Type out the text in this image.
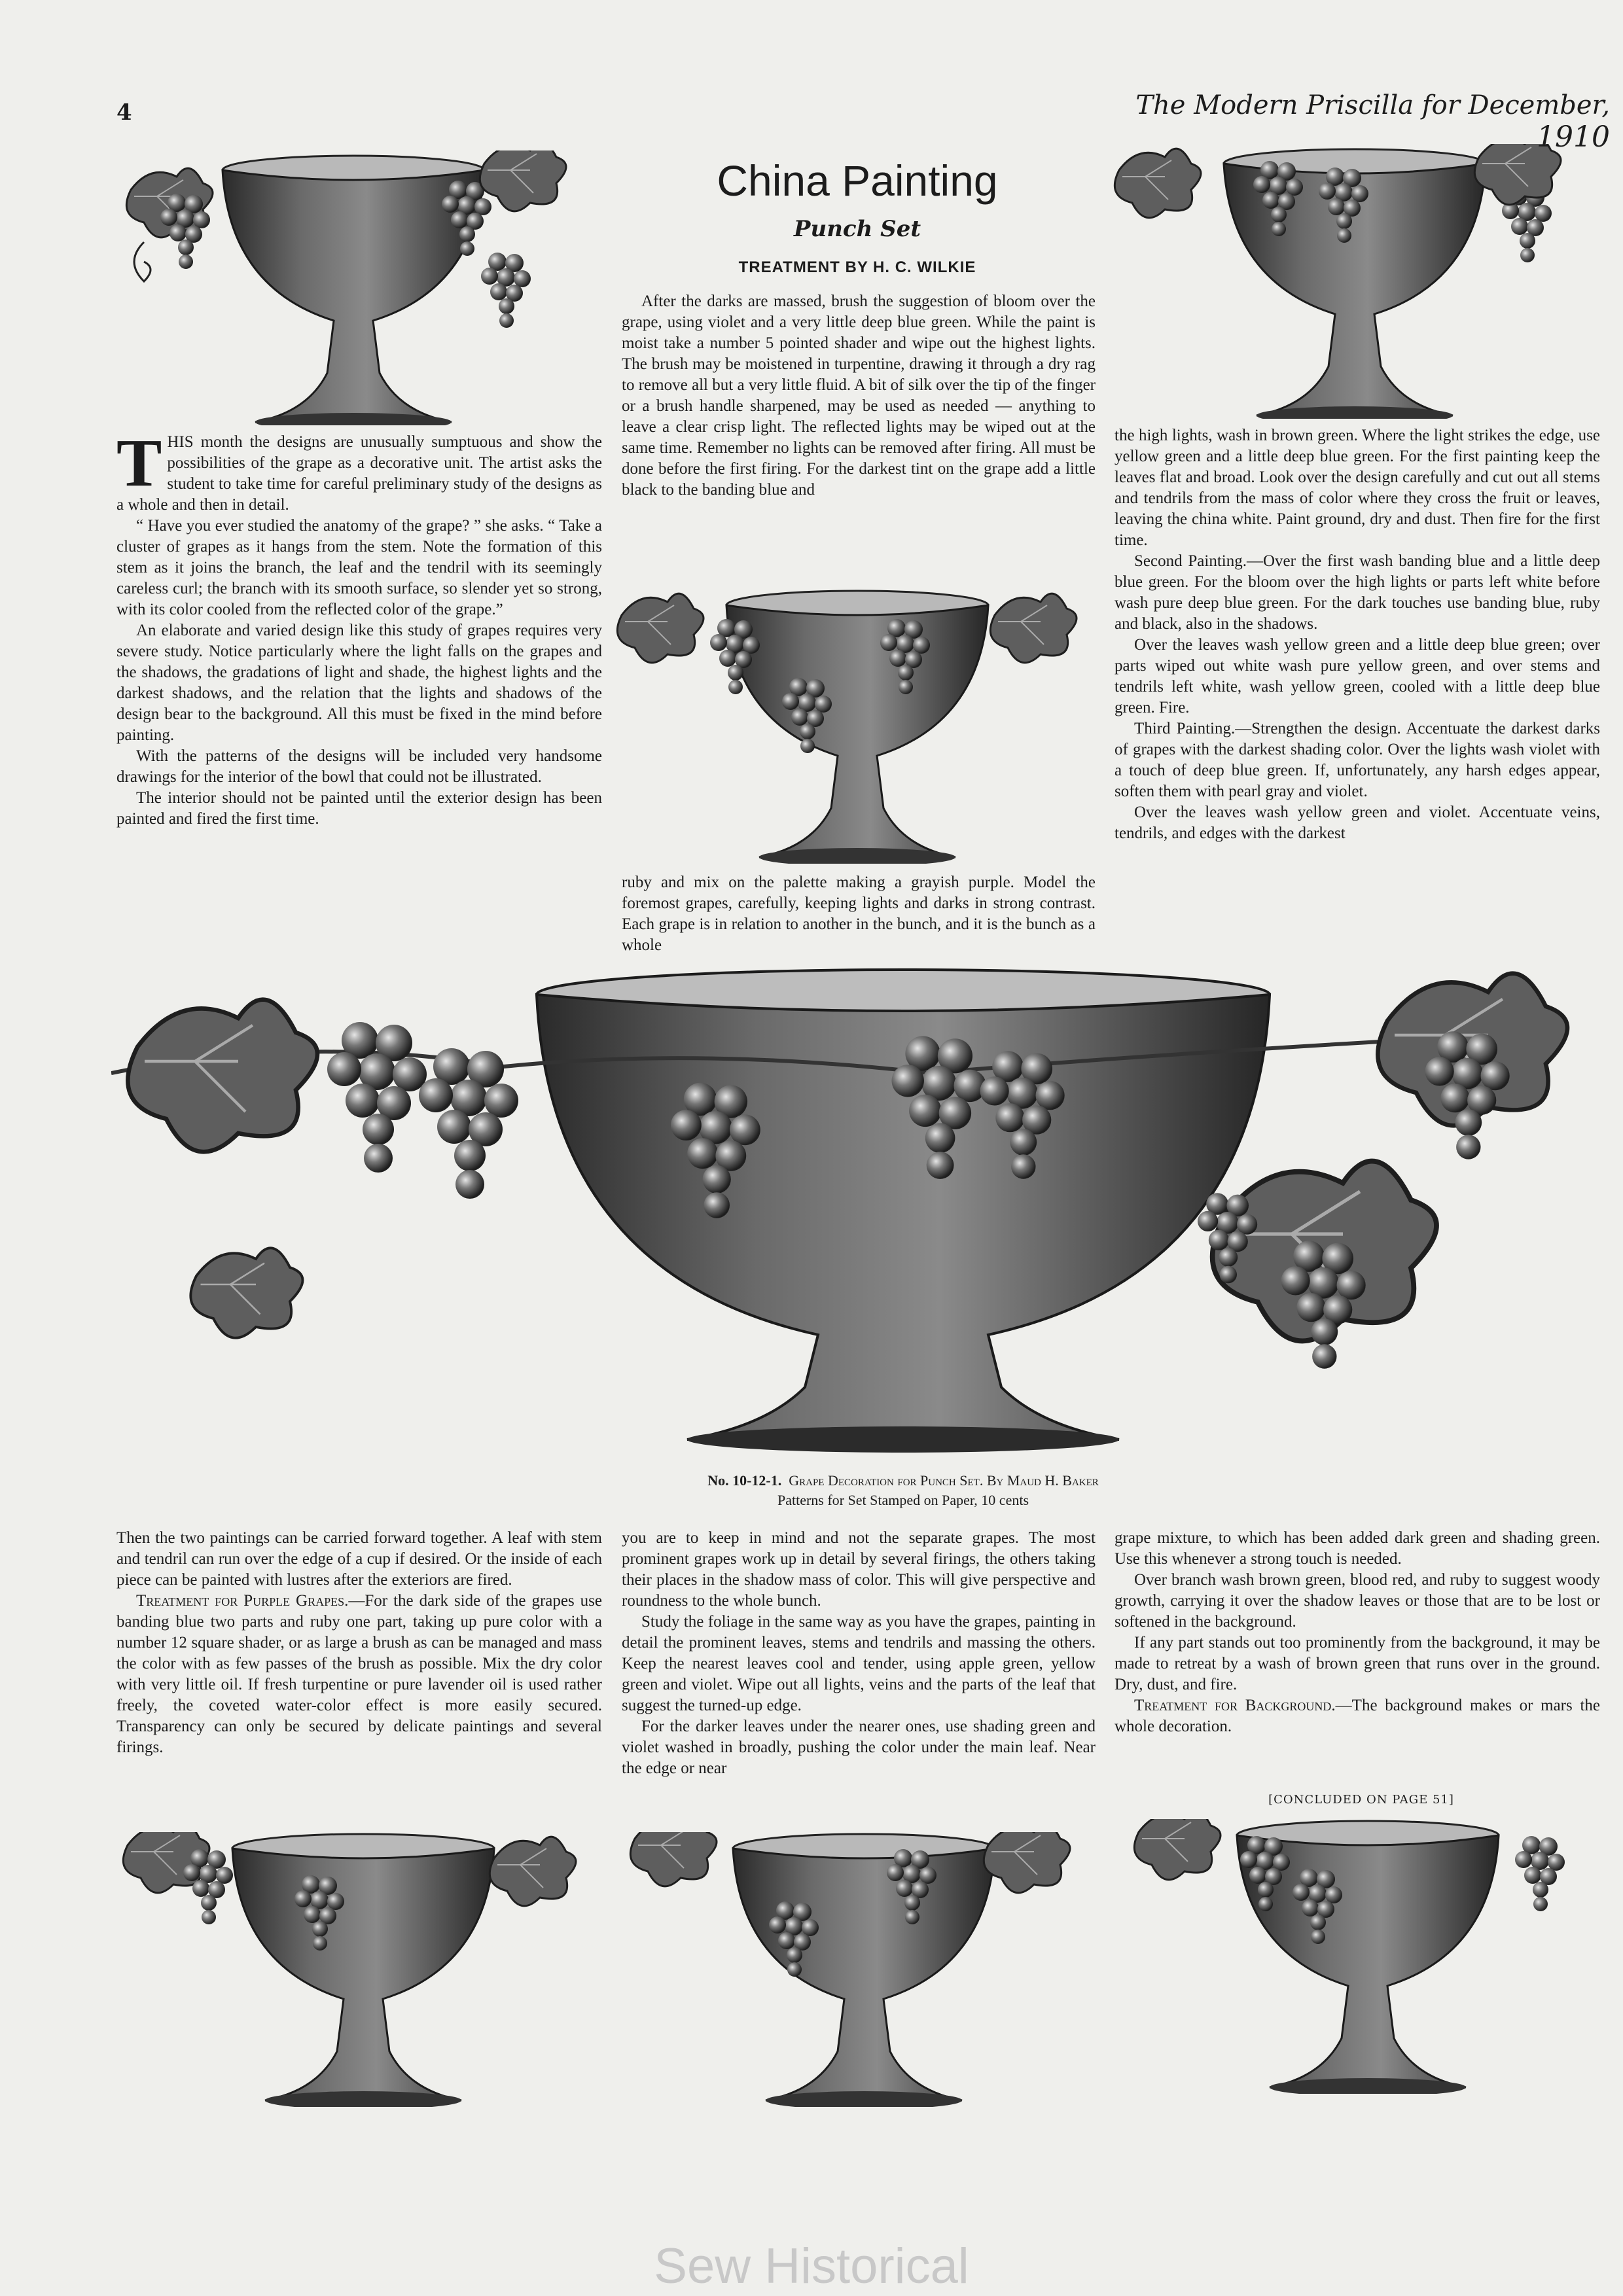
4	The Modern Priscilla for December, 1910
China Painting
Punch Set
TREATMENT BY H. C. WILKIE

THIS month the designs are unusually sumptuous and show the possibilities of the grape as a decorative unit. The artist asks the student to take time for careful preliminary study of the designs as a whole and then in detail.

“ Have you ever studied the anatomy of the grape? ” she asks. “ Take a cluster of grapes as it hangs from the stem. Note the formation of this stem as it joins the branch, the leaf and the tendril with its seemingly careless curl; the branch with its smooth surface, so slender yet so strong, with its color cooled from the reflected color of the grape.”

An elaborate and varied design like this study of grapes requires very severe study. Notice particularly where the light falls on the grapes and the shadows, the gradations of light and shade, the highest lights and the darkest shadows, and the relation that the lights and shadows of the design bear to the background. All this must be fixed in the mind before painting.

With the patterns of the designs will be included very handsome drawings for the interior of the bowl that could not be illustrated.

The interior should not be painted until the exterior design has been painted and fired the first time.

After the darks are massed, brush the suggestion of bloom over the grape, using violet and a very little deep blue green. While the paint is moist take a number 5 pointed shader and wipe out the highest lights. The brush may be moistened in turpentine, drawing it through a dry rag to remove all but a very little fluid. A bit of silk over the tip of the finger or a brush handle sharpened, may be used as needed — anything to leave a clear crisp light. The reflected lights may be wiped out at the same time. Remember no lights can be removed after firing. All must be done before the first firing. For the darkest tint on the grape add a little black to the banding blue and

ruby and mix on the palette making a grayish purple. Model the foremost grapes, carefully, keeping lights and darks in strong contrast. Each grape is in relation to another in the bunch, and it is the bunch as a whole

the high lights, wash in brown green. Where the light strikes the edge, use yellow green and a little deep blue green. For the first painting keep the leaves flat and broad. Look over the design carefully and cut out all stems and tendrils from the mass of color where they cross the fruit or leaves, leaving the china white. Paint ground, dry and dust. Then fire for the first time.

Second Painting.—Over the first wash banding blue and a little deep blue green. For the bloom over the high lights or parts left white before wash pure deep blue green. For the dark touches use banding blue, ruby and black, also in the shadows.

Over the leaves wash yellow green and a little deep blue green; over parts wiped out white wash pure yellow green, and over stems and tendrils left white, wash yellow green, cooled with a little deep blue green. Fire.

Third Painting.—Strengthen the design. Accentuate the darkest darks of grapes with the darkest shading color. Over the lights wash violet with a touch of deep blue green. If, unfortunately, any harsh edges appear, soften them with pearl gray and violet.

Over the leaves wash yellow green and violet. Accentuate veins, tendrils, and edges with the darkest

No. 10-12-1. Grape Decoration for Punch Set. By Maud H. Baker
Patterns for Set Stamped on Paper, 10 cents

Then the two paintings can be carried forward together. A leaf with stem and tendril can run over the edge of a cup if desired. Or the inside of each piece can be painted with lustres after the exteriors are fired.

Treatment for Purple Grapes.—For the dark side of the grapes use banding blue two parts and ruby one part, taking up pure color with a number 12 square shader, or as large a brush as can be managed and mass the color with as few passes of the brush as possible. Mix the dry color with very little oil. If fresh turpentine or pure lavender oil is used rather freely, the coveted water-color effect is more easily secured. Transparency can only be secured by delicate paintings and several firings.

you are to keep in mind and not the separate grapes. The most prominent grapes work up in detail by several firings, the others taking their places in the shadow mass of color. This will give perspective and roundness to the whole bunch.

Study the foliage in the same way as you have the grapes, painting in detail the prominent leaves, stems and tendrils and massing the others. Keep the nearest leaves cool and tender, using apple green, yellow green and violet. Wipe out all lights, veins and the parts of the leaf that suggest the turned-up edge.

For the darker leaves under the nearer ones, use shading green and violet washed in broadly, pushing the color under the main leaf. Near the edge or near

grape mixture, to which has been added dark green and shading green. Use this whenever a strong touch is needed.

Over branch wash brown green, blood red, and ruby to suggest woody growth, carrying it over the shadow leaves or those that are to be lost or softened in the background.

If any part stands out too prominently from the background, it may be made to retreat by a wash of brown green that runs over in the ground. Dry, dust, and fire.

Treatment for Background.—The background makes or mars the whole decoration.

[CONCLUDED ON PAGE 51]
Sew Historical
